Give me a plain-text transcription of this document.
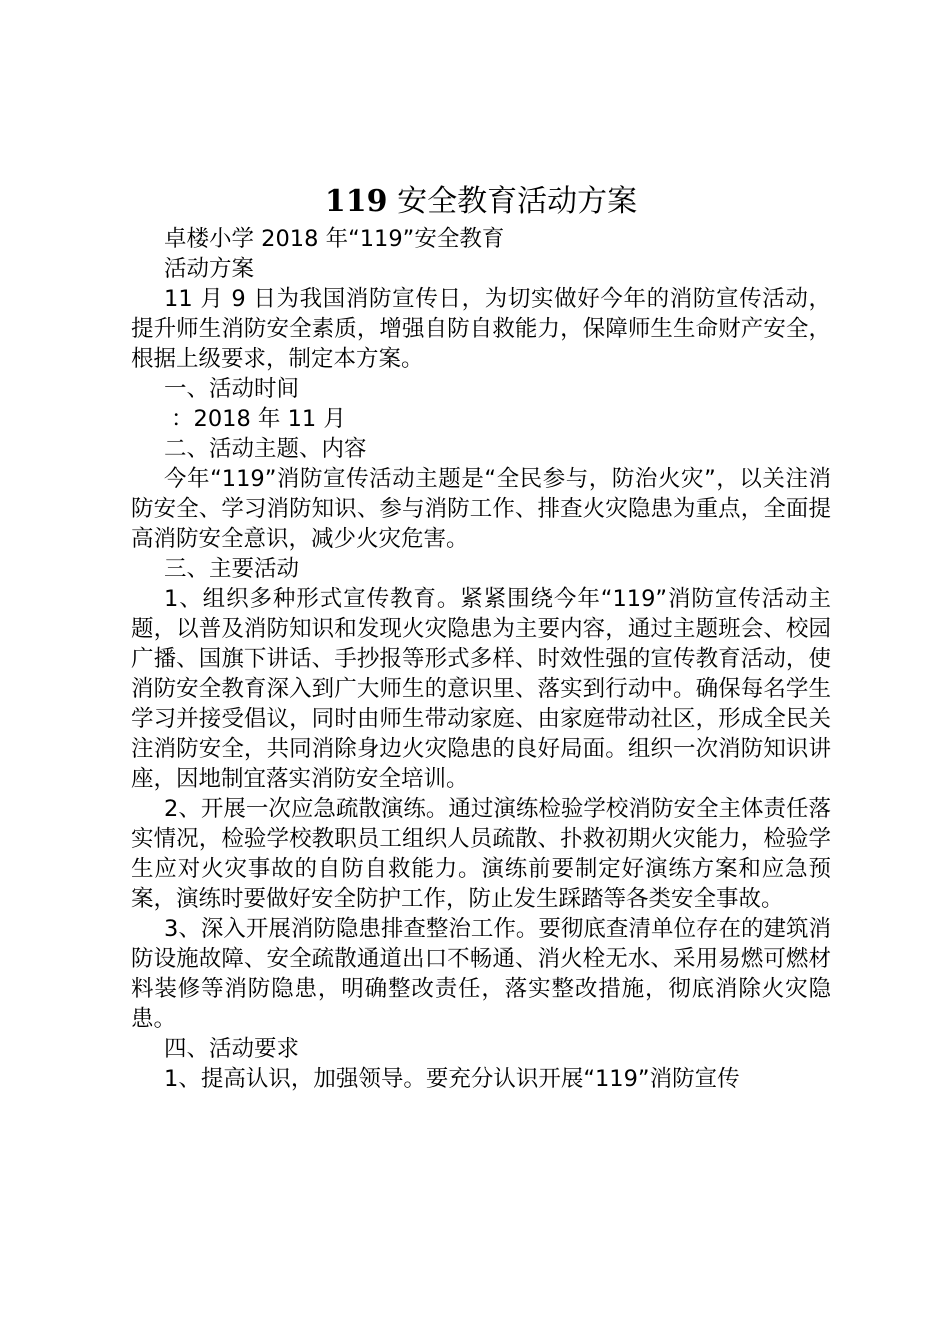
119 安全教育活动方案

卓楼小学 2018 年“119”安全教育

活动方案

11 月 9 日为我国消防宣传日，为切实做好今年的消防宣传活动，提升师生消防安全素质，增强自防自救能力，保障师生生命财产安全，根据上级要求，制定本方案。

一、活动时间

：2018 年 11 月

二、活动主题、内容

今年“119”消防宣传活动主题是“全民参与，防治火灾”，以关注消防安全、学习消防知识、参与消防工作、排查火灾隐患为重点，全面提高消防安全意识，减少火灾危害。

三、主要活动

1、组织多种形式宣传教育。紧紧围绕今年“119”消防宣传活动主题，以普及消防知识和发现火灾隐患为主要内容，通过主题班会、校园广播、国旗下讲话、手抄报等形式多样、时效性强的宣传教育活动，使消防安全教育深入到广大师生的意识里、落实到行动中。确保每名学生学习并接受倡议，同时由师生带动家庭、由家庭带动社区，形成全民关注消防安全，共同消除身边火灾隐患的良好局面。组织一次消防知识讲座，因地制宜落实消防安全培训。

2、开展一次应急疏散演练。通过演练检验学校消防安全主体责任落实情况，检验学校教职员工组织人员疏散、扑救初期火灾能力，检验学生应对火灾事故的自防自救能力。演练前要制定好演练方案和应急预案，演练时要做好安全防护工作，防止发生踩踏等各类安全事故。

3、深入开展消防隐患排查整治工作。要彻底查清单位存在的建筑消防设施故障、安全疏散通道出口不畅通、消火栓无水、采用易燃可燃材料装修等消防隐患，明确整改责任，落实整改措施，彻底消除火灾隐患。

四、活动要求

1、提高认识，加强领导。要充分认识开展“119”消防宣传
